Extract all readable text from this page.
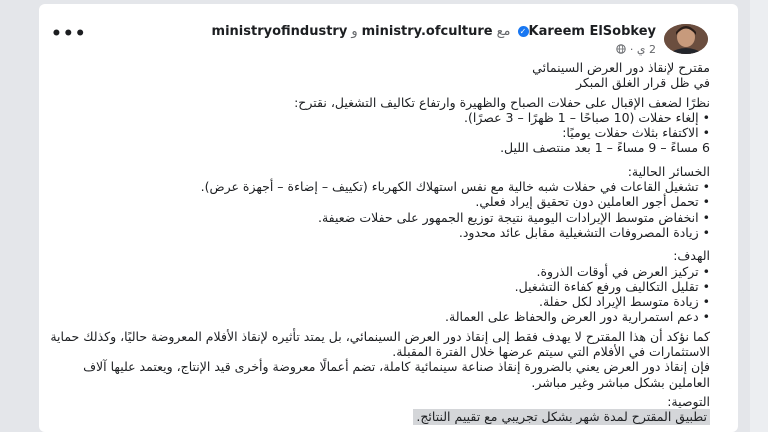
•••	Kareem ElSobkey✓معministry.ofcultureوministryofindustry
2 ي ·

مقترح لإنقاذ دور العرض السينمائي

في ظل قرار الغلق المبكر

نظرًا لضعف الإقبال على حفلات الصباح والظهيرة وارتفاع تكاليف التشغيل، نقترح:

• إلغاء حفلات (10 صباحًا – 1 ظهرًا – 3 عصرًا).
• الاكتفاء بثلاث حفلات يوميًا:

6 مساءً – 9 مساءً – 1 بعد منتصف الليل.

الخسائر الحالية:

• تشغيل القاعات في حفلات شبه خالية مع نفس استهلاك الكهرباء (تكييف – إضاءة – أجهزة عرض).
• تحمل أجور العاملين دون تحقيق إيراد فعلي.
• انخفاض متوسط الإيرادات اليومية نتيجة توزيع الجمهور على حفلات ضعيفة.
• زيادة المصروفات التشغيلية مقابل عائد محدود.

الهدف:

• تركيز العرض في أوقات الذروة.
• تقليل التكاليف ورفع كفاءة التشغيل.
• زيادة متوسط الإيراد لكل حفلة.
• دعم استمرارية دور العرض والحفاظ على العمالة.

كما نؤكد أن هذا المقترح لا يهدف فقط إلى إنقاذ دور العرض السينمائي، بل يمتد تأثيره لإنقاذ الأفلام المعروضة حاليًا، وكذلك حماية الاستثمارات في الأفلام التي سيتم عرضها خلال الفترة المقبلة.

فإن إنقاذ دور العرض يعني بالضرورة إنقاذ صناعة سينمائية كاملة، تضم أعمالًا معروضة وأخرى قيد الإنتاج، ويعتمد عليها آلاف العاملين بشكل مباشر وغير مباشر.

التوصية:

تطبيق المقترح لمدة شهر بشكل تجريبي مع تقييم النتائج.
